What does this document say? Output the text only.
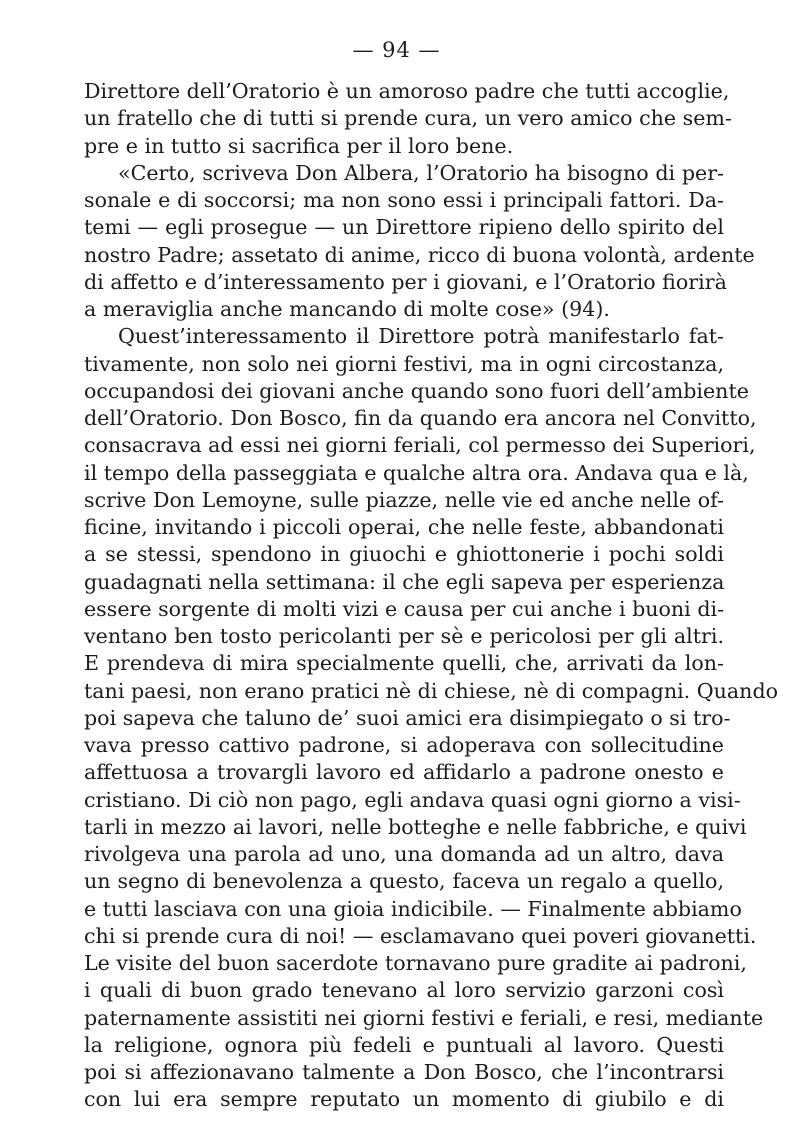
— 94 —
Direttore dell’Oratorio è un amoroso padre che tutti accoglie,
un fratello che di tutti si prende cura, un vero amico che sem-
pre e in tutto si sacrifica per il loro bene.
«Certo, scriveva Don Albera, l’Oratorio ha bisogno di per-
sonale e di soccorsi; ma non sono essi i principali fattori. Da-
temi — egli prosegue — un Direttore ripieno dello spirito del
nostro Padre; assetato di anime, ricco di buona volontà, ardente
di affetto e d’interessamento per i giovani, e l’Oratorio fiorirà
a meraviglia anche mancando di molte cose» (94).
Quest’interessamento il Direttore potrà manifestarlo fat-
tivamente, non solo nei giorni festivi, ma in ogni circostanza,
occupandosi dei giovani anche quando sono fuori dell’ambiente
dell’Oratorio. Don Bosco, fin da quando era ancora nel Convitto,
consacrava ad essi nei giorni feriali, col permesso dei Superiori,
il tempo della passeggiata e qualche altra ora. Andava qua e là,
scrive Don Lemoyne, sulle piazze, nelle vie ed anche nelle of-
ficine, invitando i piccoli operai, che nelle feste, abbandonati
a se stessi, spendono in giuochi e ghiottonerie i pochi soldi
guadagnati nella settimana: il che egli sapeva per esperienza
essere sorgente di molti vizi e causa per cui anche i buoni di-
ventano ben tosto pericolanti per sè e pericolosi per gli altri.
E prendeva di mira specialmente quelli, che, arrivati da lon-
tani paesi, non erano pratici nè di chiese, nè di compagni. Quando
poi sapeva che taluno de’ suoi amici era disimpiegato o si tro-
vava presso cattivo padrone, si adoperava con sollecitudine
affettuosa a trovargli lavoro ed affidarlo a padrone onesto e
cristiano. Di ciò non pago, egli andava quasi ogni giorno a visi-
tarli in mezzo ai lavori, nelle botteghe e nelle fabbriche, e quivi
rivolgeva una parola ad uno, una domanda ad un altro, dava
un segno di benevolenza a questo, faceva un regalo a quello,
e tutti lasciava con una gioia indicibile. — Finalmente abbiamo
chi si prende cura di noi! — esclamavano quei poveri giovanetti.
Le visite del buon sacerdote tornavano pure gradite ai padroni,
i quali di buon grado tenevano al loro servizio garzoni così
paternamente assistiti nei giorni festivi e feriali, e resi, mediante
la religione, ognora più fedeli e puntuali al lavoro. Questi
poi si affezionavano talmente a Don Bosco, che l’incontrarsi
con lui era sempre reputato un momento di giubilo e di
